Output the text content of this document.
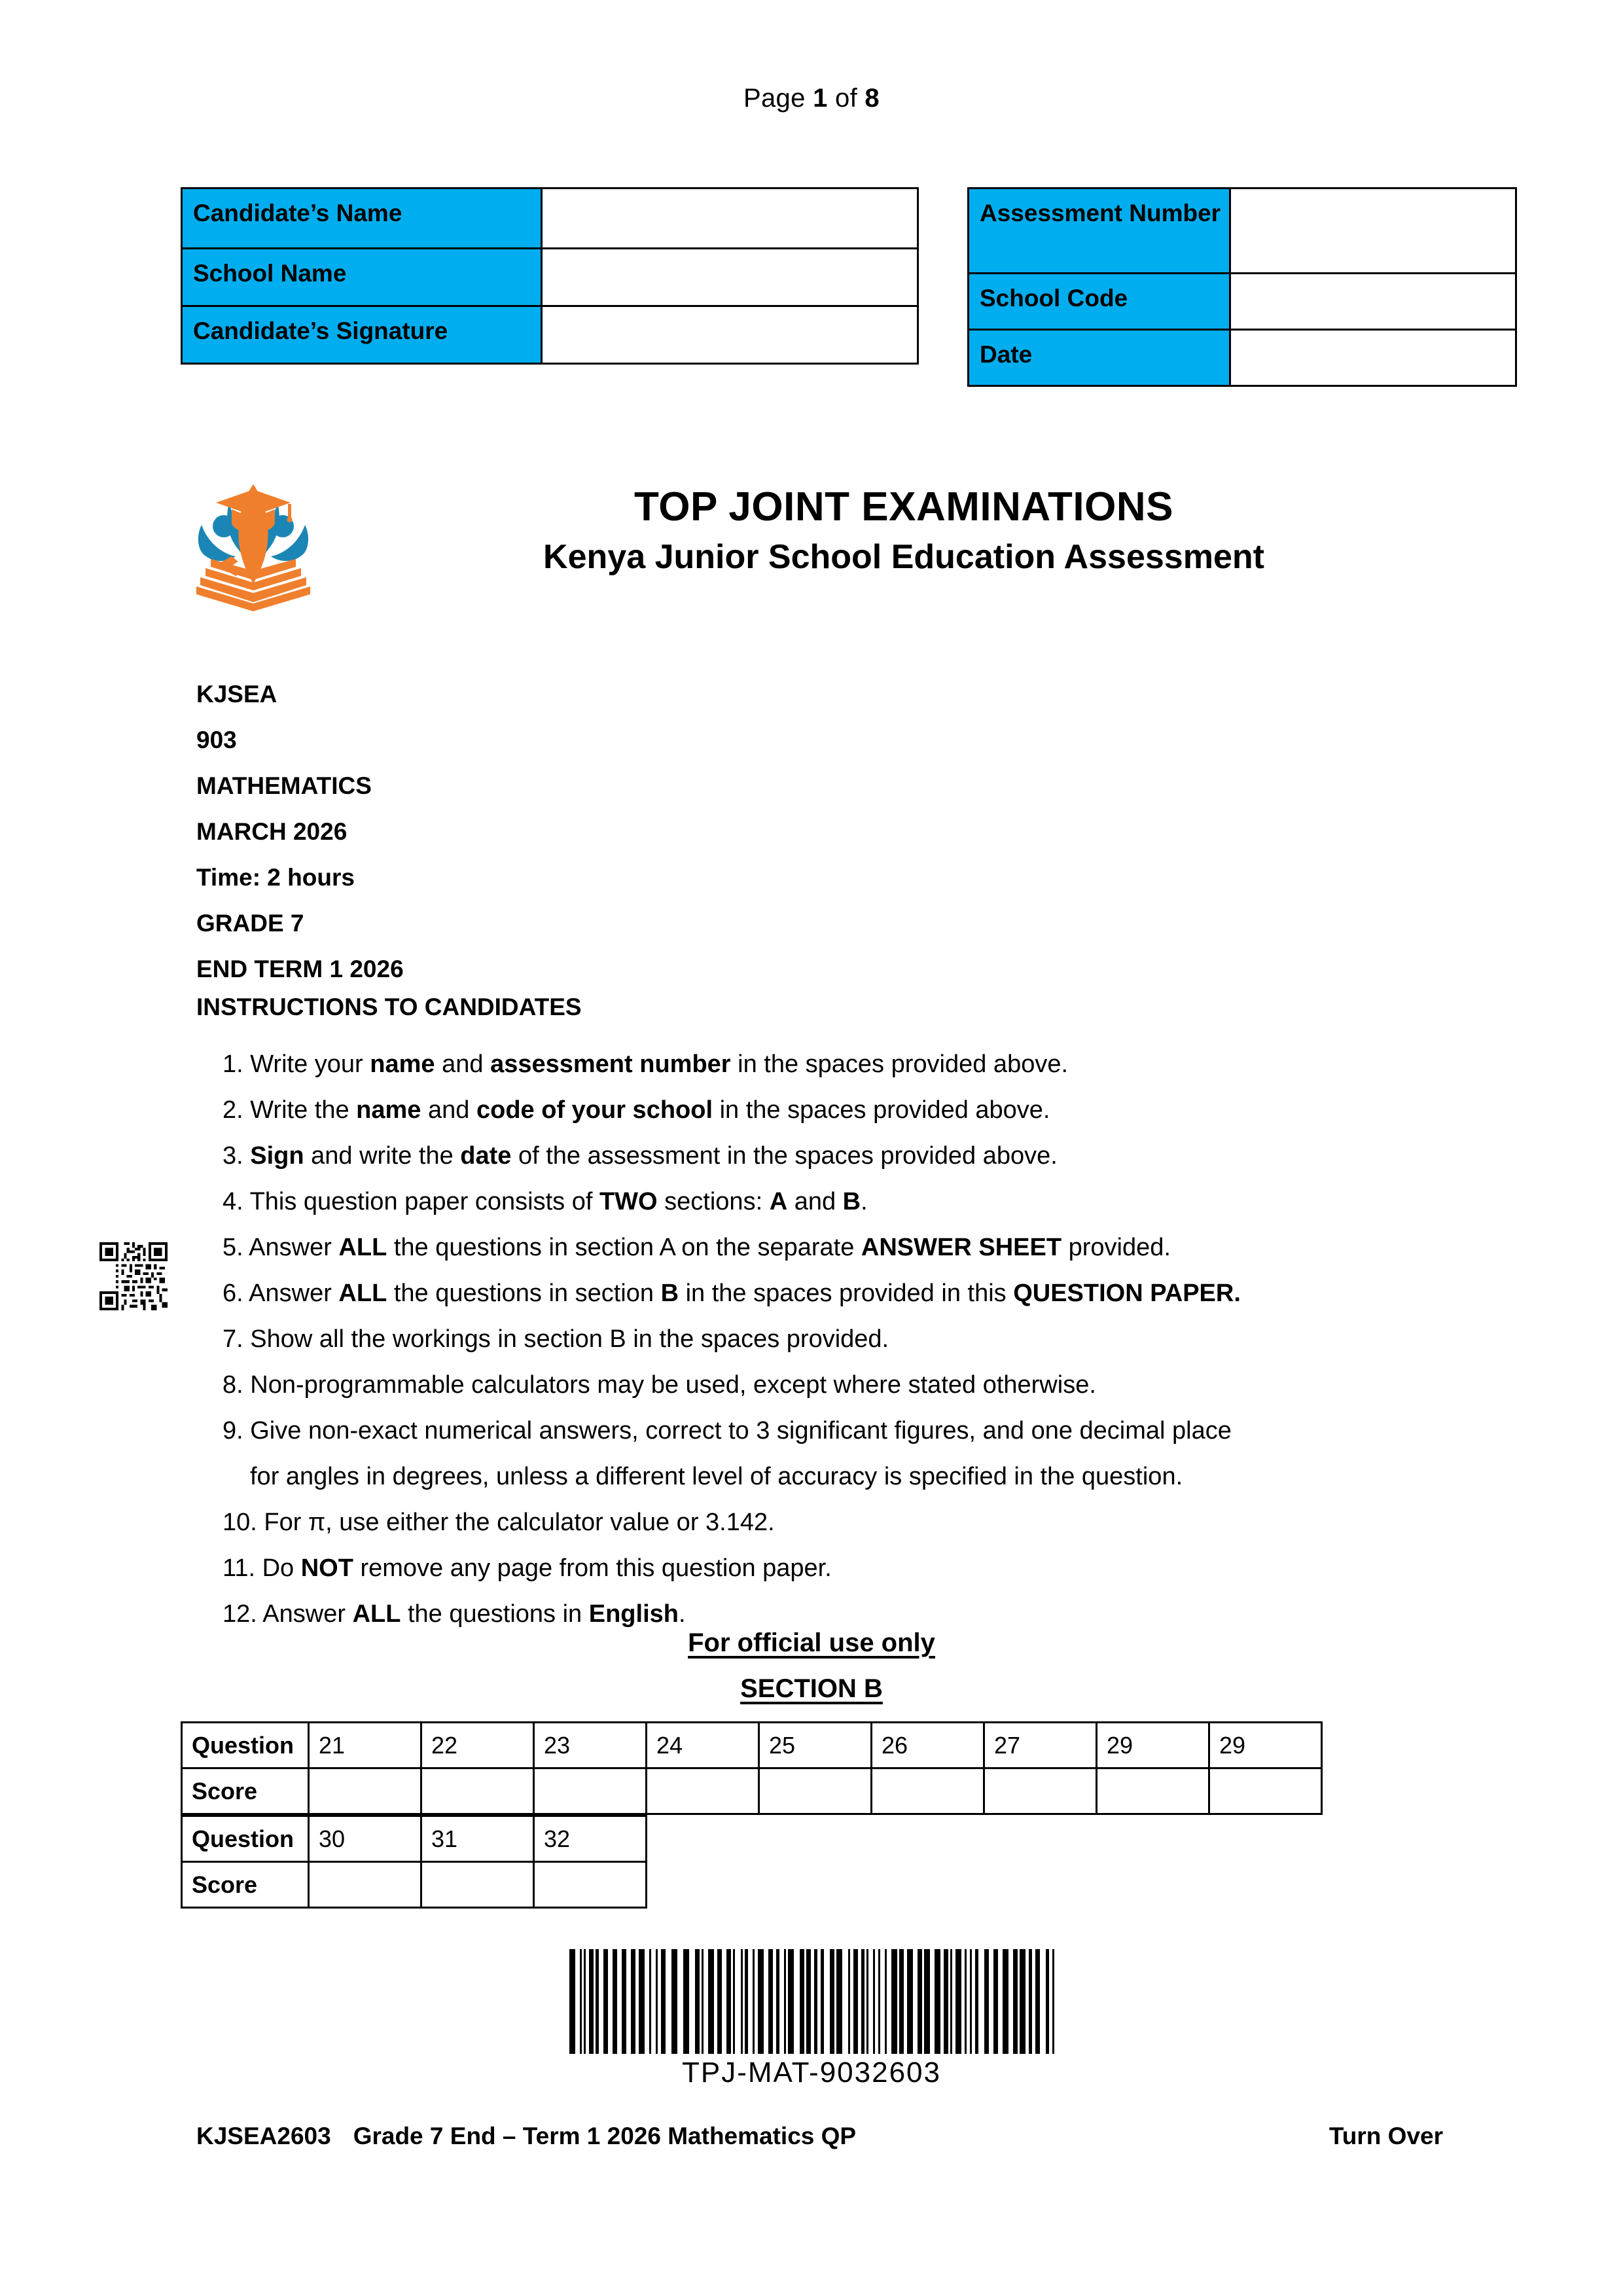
Page 1 of 8
Candidate’s Name	
School Name	
Candidate’s Signature	
Assessment Number	
School Code	
Date	
TOP JOINT EXAMINATIONS
Kenya Junior School Education Assessment
KJSEA
903
MATHEMATICS
MARCH 2026
Time: 2 hours
GRADE 7
END TERM 1 2026
INSTRUCTIONS TO CANDIDATES
1. Write your name and assessment number in the spaces provided above.
2. Write the name and code of your school in the spaces provided above.
3. Sign and write the date of the assessment in the spaces provided above.
4. This question paper consists of TWO sections: A and B.
5. Answer ALL the questions in section A on the separate ANSWER SHEET provided.
6. Answer ALL the questions in section B in the spaces provided in this QUESTION PAPER.
7. Show all the workings in section B in the spaces provided.
8. Non-programmable calculators may be used, except where stated otherwise.
9. Give non-exact numerical answers, correct to 3 significant figures, and one decimal place
for angles in degrees, unless a different level of accuracy is specified in the question.
10. For π, use either the calculator value or 3.142.
11. Do NOT remove any page from this question paper.
12. Answer ALL the questions in English.
For official use only
SECTION B
Question	21	22	23	24	25	26	27	29	29
Score									
Question	30	31	32
Score			
TPJ-MAT-9032603
KJSEA2603 Grade 7 End – Term 1 2026 Mathematics QP	Turn Over
